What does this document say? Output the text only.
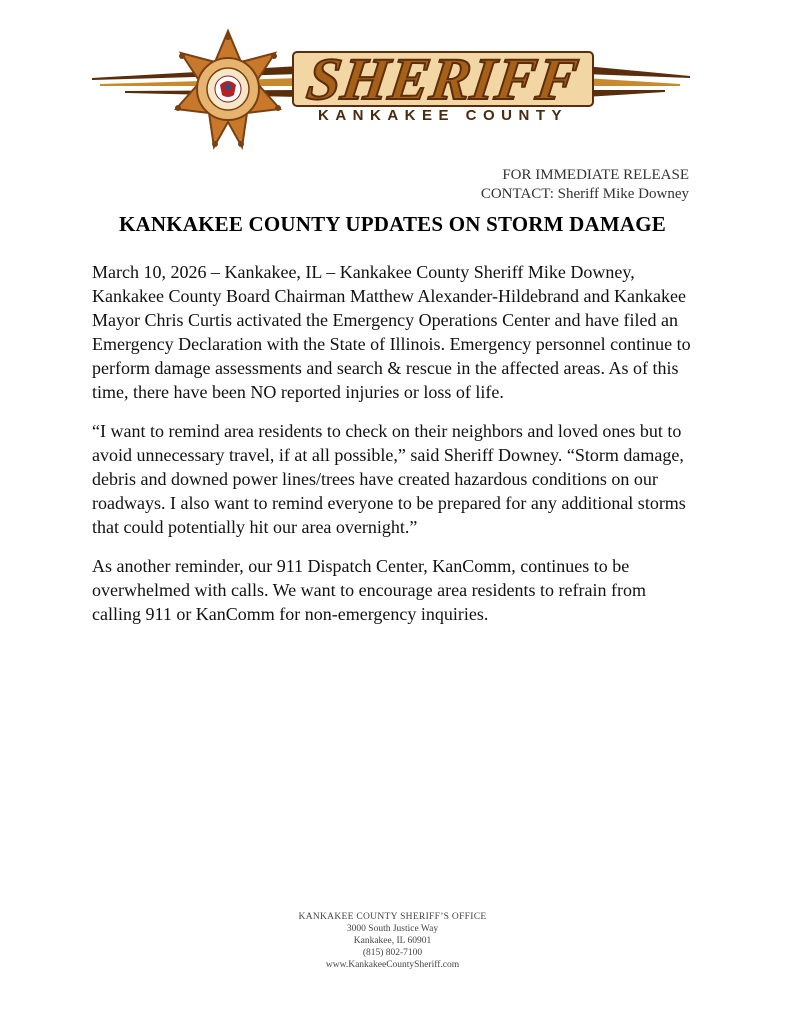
SHERIFF
KANKAKEE COUNTY
FOR IMMEDIATE RELEASE
CONTACT: Sheriff Mike Downey
KANKAKEE COUNTY UPDATES ON STORM DAMAGE

March 10, 2026 – Kankakee, IL – Kankakee County Sheriff Mike Downey, Kankakee County Board Chairman Matthew Alexander-Hildebrand and Kankakee Mayor Chris Curtis activated the Emergency Operations Center and have filed an Emergency Declaration with the State of Illinois. Emergency personnel continue to perform damage assessments and search & rescue in the affected areas. As of this time, there have been NO reported injuries or loss of life.

“I want to remind area residents to check on their neighbors and loved ones but to avoid unnecessary travel, if at all possible,” said Sheriff Downey. “Storm damage, debris and downed power lines/trees have created hazardous conditions on our roadways. I also want to remind everyone to be prepared for any additional storms that could potentially hit our area overnight.”

As another reminder, our 911 Dispatch Center, KanComm, continues to be overwhelmed with calls. We want to encourage area residents to refrain from calling 911 or KanComm for non-emergency inquiries.

KANKAKEE COUNTY SHERIFF’S OFFICE
3000 South Justice Way
Kankakee, IL 60901
(815) 802-7100
www.KankakeeCountySheriff.com
